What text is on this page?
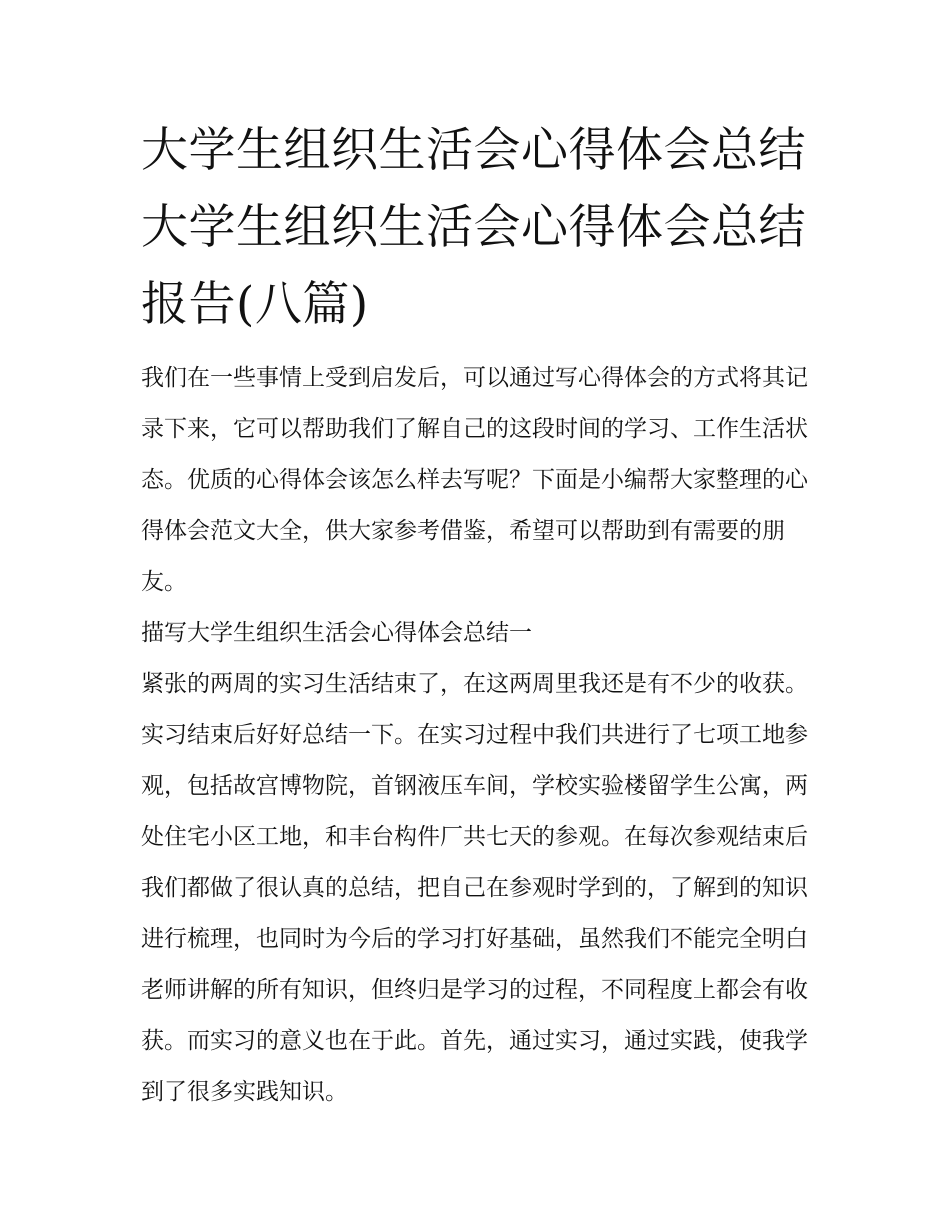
大学生组织生活会心得体会总结 大学生组织生活会心得体会总结报告(八篇)

我们在一些事情上受到启发后，可以通过写心得体会的方式将其记录下来，它可以帮助我们了解自己的这段时间的学习、工作生活状态。优质的心得体会该怎么样去写呢？下面是小编帮大家整理的心得体会范文大全，供大家参考借鉴，希望可以帮助到有需要的朋友。

描写大学生组织生活会心得体会总结一

紧张的两周的实习生活结束了，在这两周里我还是有不少的收获。实习结束后好好总结一下。在实习过程中我们共进行了七项工地参观，包括故宫博物院，首钢液压车间，学校实验楼留学生公寓，两处住宅小区工地，和丰台构件厂共七天的参观。在每次参观结束后我们都做了很认真的总结，把自己在参观时学到的，了解到的知识进行梳理，也同时为今后的学习打好基础，虽然我们不能完全明白老师讲解的所有知识，但终归是学习的过程，不同程度上都会有收获。而实习的意义也在于此。首先，通过实习，通过实践，使我学到了很多实践知识。
